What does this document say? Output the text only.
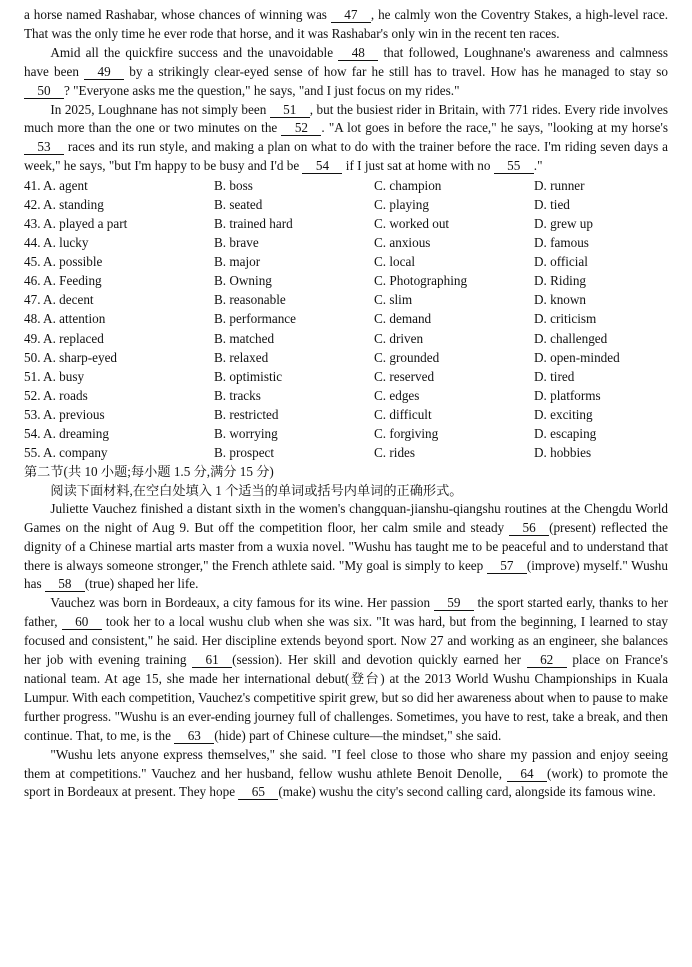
a horse named Rashabar, whose chances of winning was 47 , he calmly won the Coventry Stakes, a high-level race. That was the only time he ever rode that horse, and it was Rashabar's only win in the recent ten races.

Amid all the quickfire success and the unavoidable 48 that followed, Loughnane's awareness and calmness have been 49 by a strikingly clear-eyed sense of how far he still has to travel. How has he managed to stay so 50 ? "Everyone asks me the question," he says, "and I just focus on my rides."

In 2025, Loughnane has not simply been 51 , but the busiest rider in Britain, with 771 rides. Every ride involves much more than the one or two minutes on the 52 . "A lot goes in before the race," he says, "looking at my horse's 53 races and its run style, and making a plan on what to do with the trainer before the race. I'm riding seven days a week," he says, "but I'm happy to be busy and I'd be 54 if I just sat at home with no 55 ."

41. A. agent	B. boss	C. champion	D. runner
42. A. standing	B. seated	C. playing	D. tied
43. A. played a part	B. trained hard	C. worked out	D. grew up
44. A. lucky	B. brave	C. anxious	D. famous
45. A. possible	B. major	C. local	D. official
46. A. Feeding	B. Owning	C. Photographing	D. Riding
47. A. decent	B. reasonable	C. slim	D. known
48. A. attention	B. performance	C. demand	D. criticism
49. A. replaced	B. matched	C. driven	D. challenged
50. A. sharp-eyed	B. relaxed	C. grounded	D. open-minded
51. A. busy	B. optimistic	C. reserved	D. tired
52. A. roads	B. tracks	C. edges	D. platforms
53. A. previous	B. restricted	C. difficult	D. exciting
54. A. dreaming	B. worrying	C. forgiving	D. escaping
55. A. company	B. prospect	C. rides	D. hobbies

第二节(共 10 小题;每小题 1.5 分,满分 15 分)

阅读下面材料,在空白处填入 1 个适当的单词或括号内单词的正确形式。

Juliette Vauchez finished a distant sixth in the women's changquan-jianshu-qiangshu routines at the Chengdu World Games on the night of Aug 9. But off the competition floor, her calm smile and steady 56 (present) reflected the dignity of a Chinese martial arts master from a wuxia novel. "Wushu has taught me to be peaceful and to understand that there is always someone stronger," the French athlete said. "My goal is simply to keep 57 (improve) myself." Wushu has 58 (true) shaped her life.

Vauchez was born in Bordeaux, a city famous for its wine. Her passion 59 the sport started early, thanks to her father, 60 took her to a local wushu club when she was six. "It was hard, but from the beginning, I learned to stay focused and consistent," he said. Her discipline extends beyond sport. Now 27 and working as an engineer, she balances her job with evening training 61 (session). Her skill and devotion quickly earned her 62 place on France's national team. At age 15, she made her international debut(登台) at the 2013 World Wushu Championships in Kuala Lumpur. With each competition, Vauchez's competitive spirit grew, but so did her awareness about when to pause to make further progress. "Wushu is an ever-ending journey full of challenges. Sometimes, you have to rest, take a break, and then continue. That, to me, is the 63 (hide) part of Chinese culture—the mindset," she said.

"Wushu lets anyone express themselves," she said. "I feel close to those who share my passion and enjoy seeing them at competitions." Vauchez and her husband, fellow wushu athlete Benoit Denolle, 64 (work) to promote the sport in Bordeaux at present. They hope 65 (make) wushu the city's second calling card, alongside its famous wine.
